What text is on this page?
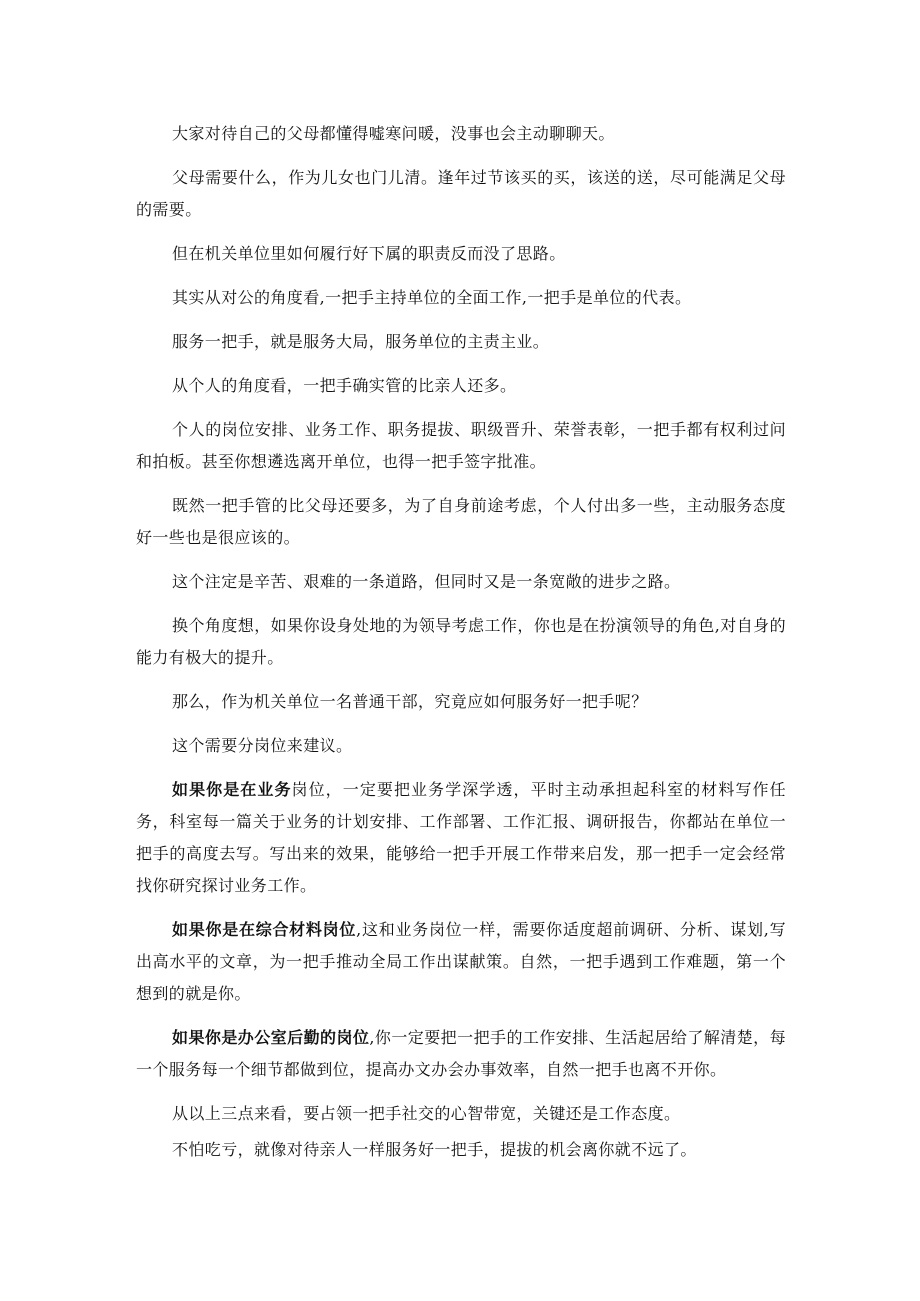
大家对待自己的父母都懂得嘘寒问暖，没事也会主动聊聊天。

父母需要什么，作为儿女也门儿清。逢年过节该买的买，该送的送，尽可能满足父母的需要。

但在机关单位里如何履行好下属的职责反而没了思路。

其实从对公的角度看,一把手主持单位的全面工作,一把手是单位的代表。

服务一把手，就是服务大局，服务单位的主责主业。

从个人的角度看，一把手确实管的比亲人还多。

个人的岗位安排、业务工作、职务提拔、职级晋升、荣誉表彰，一把手都有权利过问和拍板。甚至你想遴选离开单位，也得一把手签字批准。

既然一把手管的比父母还要多，为了自身前途考虑，个人付出多一些，主动服务态度好一些也是很应该的。

这个注定是辛苦、艰难的一条道路，但同时又是一条宽敞的进步之路。

换个角度想，如果你设身处地的为领导考虑工作，你也是在扮演领导的角色,对自身的能力有极大的提升。

那么，作为机关单位一名普通干部，究竟应如何服务好一把手呢？

这个需要分岗位来建议。

如果你是在业务岗位，一定要把业务学深学透，平时主动承担起科室的材料写作任务，科室每一篇关于业务的计划安排、工作部署、工作汇报、调研报告，你都站在单位一把手的高度去写。写出来的效果，能够给一把手开展工作带来启发，那一把手一定会经常找你研究探讨业务工作。

如果你是在综合材料岗位,这和业务岗位一样，需要你适度超前调研、分析、谋划,写出高水平的文章，为一把手推动全局工作出谋献策。自然，一把手遇到工作难题，第一个想到的就是你。

如果你是办公室后勤的岗位,你一定要把一把手的工作安排、生活起居给了解清楚，每一个服务每一个细节都做到位，提高办文办会办事效率，自然一把手也离不开你。

从以上三点来看，要占领一把手社交的心智带宽，关键还是工作态度。

不怕吃亏，就像对待亲人一样服务好一把手，提拔的机会离你就不远了。
